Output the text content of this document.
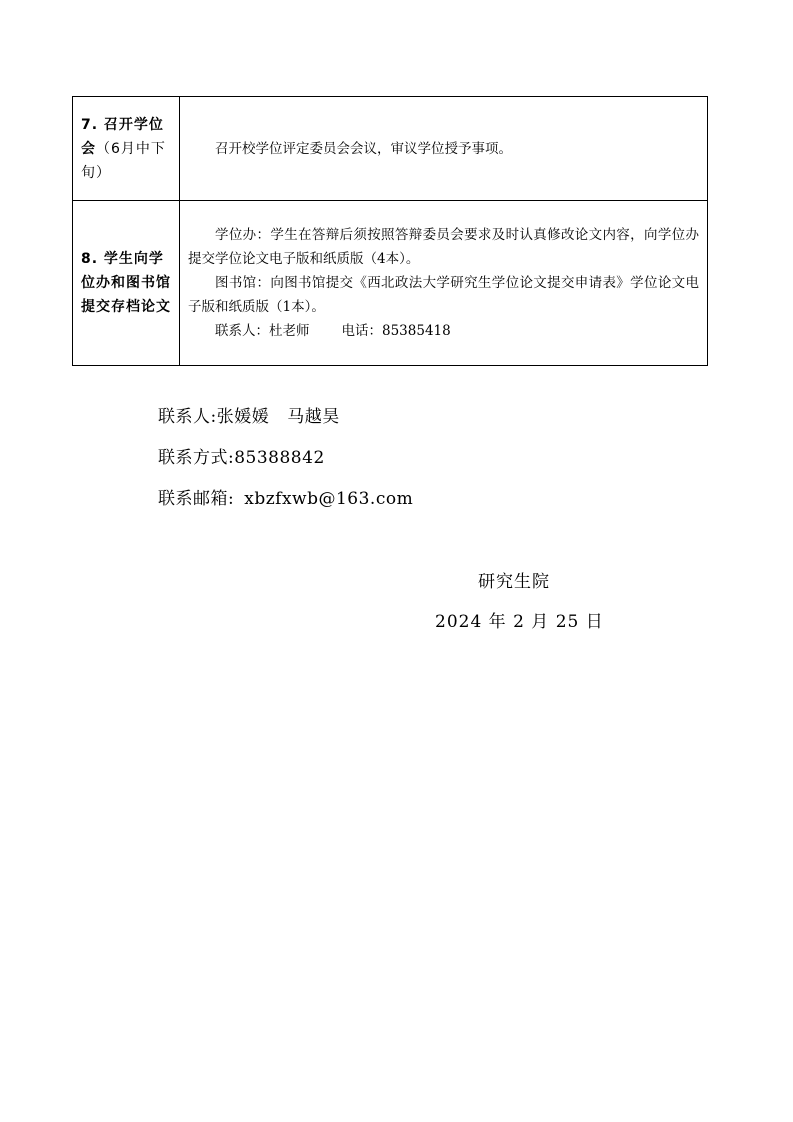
7. 召开学位会（6月中下旬）	召开校学位评定委员会会议，审议学位授予事项。

8. 学生向学位办和图书馆提交存档论文	学位办：学生在答辩后须按照答辩委员会要求及时认真修改论文内容，向学位办提交学位论文电子版和纸质版（4本）。

图书馆：向图书馆提交《西北政法大学研究生学位论文提交申请表》学位论文电子版和纸质版（1本）。

联系人：杜老师 电话：85385418

联系人:张媛媛 马越昊
联系方式:85388842
联系邮箱: xbzfxwb@163.com
研究生院
2024 年 2 月 25 日
